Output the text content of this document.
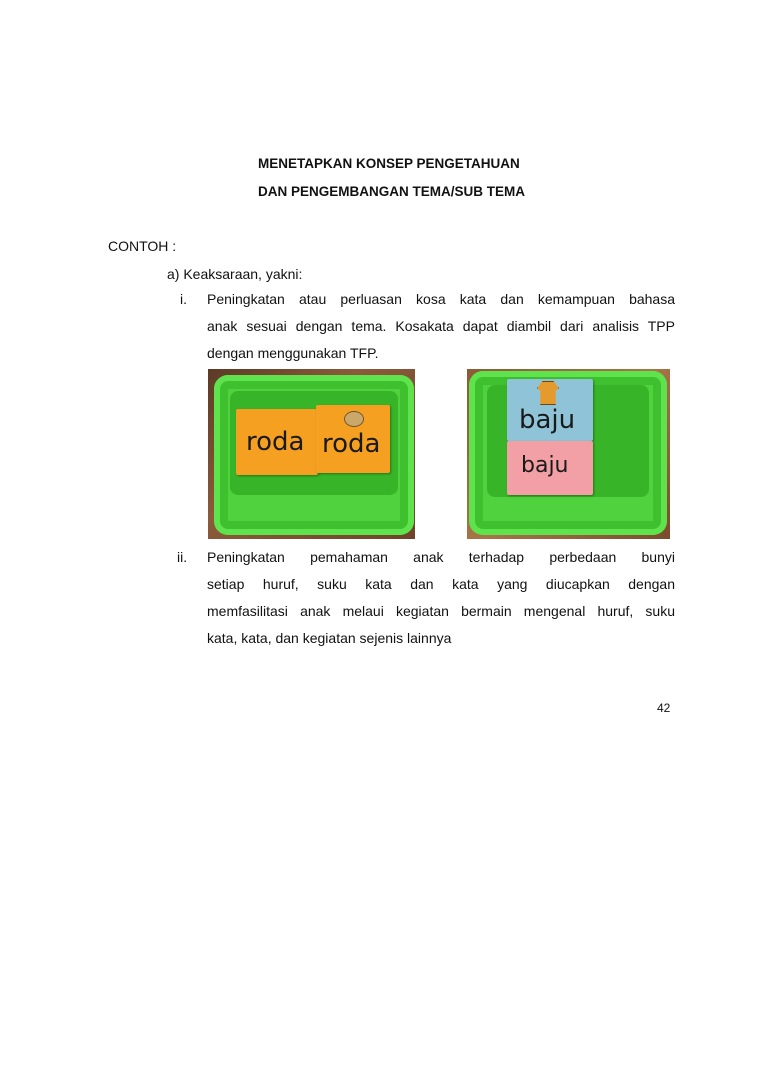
MENETAPKAN KONSEP PENGETAHUAN
DAN PENGEMBANGAN TEMA/SUB TEMA
CONTOH :
a) Keaksaraan, yakni:
i. Peningkatan atau perluasan kosa kata dan kemampuan bahasa
anak sesuai dengan tema. Kosakata dapat diambil dari analisis TPP
dengan menggunakan TFP.
roda roda
baju
baju
ii. Peningkatan pemahaman anak terhadap perbedaan bunyi
setiap huruf, suku kata dan kata yang diucapkan dengan
memfasilitasi anak melaui kegiatan bermain mengenal huruf, suku
kata, kata, dan kegiatan sejenis lainnya
42
